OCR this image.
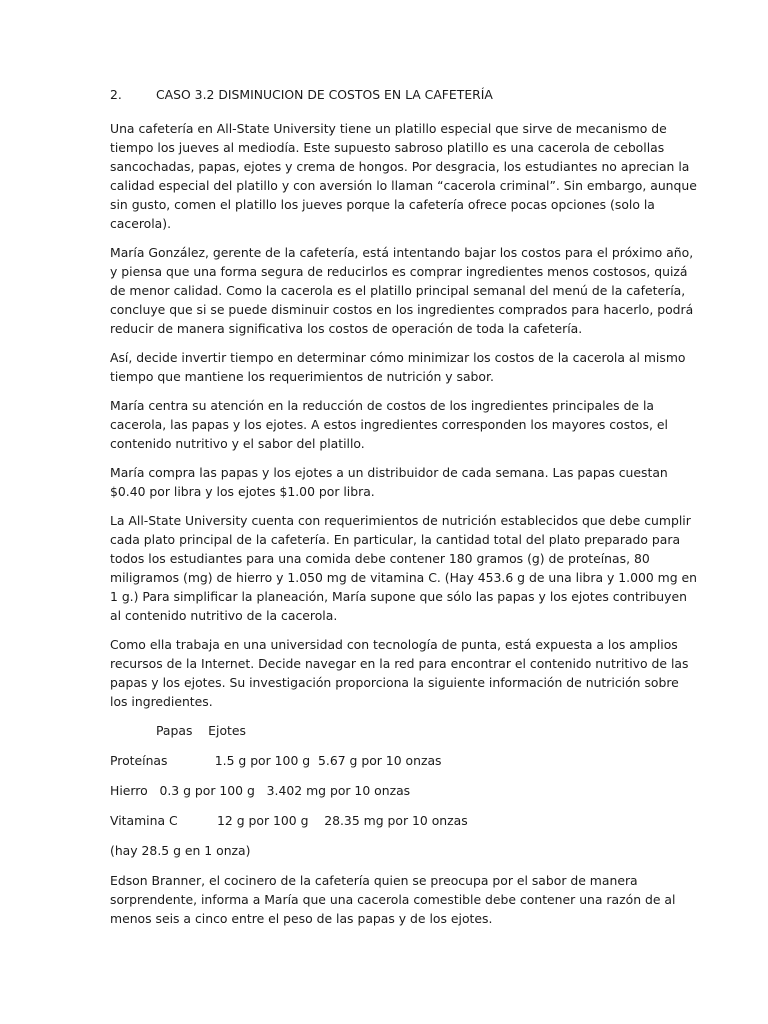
2.	CASO 3.2 DISMINUCION DE COSTOS EN LA CAFETERÍA

Una cafetería en All-State University tiene un platillo especial que sirve de mecanismo de tiempo los jueves al mediodía. Este supuesto sabroso platillo es una cacerola de cebollas sancochadas, papas, ejotes y crema de hongos. Por desgracia, los estudiantes no aprecian la calidad especial del platillo y con aversión lo llaman “cacerola criminal”. Sin embargo, aunque sin gusto, comen el platillo los jueves porque la cafetería ofrece pocas opciones (solo la cacerola).

María González, gerente de la cafetería, está intentando bajar los costos para el próximo año, y piensa que una forma segura de reducirlos es comprar ingredientes menos costosos, quizá de menor calidad. Como la cacerola es el platillo principal semanal del menú de la cafetería, concluye que si se puede disminuir costos en los ingredientes comprados para hacerlo, podrá reducir de manera significativa los costos de operación de toda la cafetería.

Así, decide invertir tiempo en determinar cómo minimizar los costos de la cacerola al mismo tiempo que mantiene los requerimientos de nutrición y sabor.

María centra su atención en la reducción de costos de los ingredientes principales de la cacerola, las papas y los ejotes. A estos ingredientes corresponden los mayores costos, el contenido nutritivo y el sabor del platillo.

María compra las papas y los ejotes a un distribuidor de cada semana. Las papas cuestan $0.40 por libra y los ejotes $1.00 por libra.

La All-State University cuenta con requerimientos de nutrición establecidos que debe cumplir cada plato principal de la cafetería. En particular, la cantidad total del plato preparado para todos los estudiantes para una comida debe contener 180 gramos (g) de proteínas, 80 miligramos (mg) de hierro y 1.050 mg de vitamina C. (Hay 453.6 g de una libra y 1.000 mg en 1 g.) Para simplificar la planeación, María supone que sólo las papas y los ejotes contribuyen al contenido nutritivo de la cacerola.

Como ella trabaja en una universidad con tecnología de punta, está expuesta a los amplios recursos de la Internet. Decide navegar en la red para encontrar el contenido nutritivo de las papas y los ejotes. Su investigación proporciona la siguiente información de nutrición sobre los ingredientes.

Papas    Ejotes
Proteínas            1.5 g por 100 g  5.67 g por 10 onzas
Hierro   0.3 g por 100 g   3.402 mg por 10 onzas
Vitamina C          12 g por 100 g    28.35 mg por 10 onzas
(hay 28.5 g en 1 onza)

Edson Branner, el cocinero de la cafetería quien se preocupa por el sabor de manera sorprendente, informa a María que una cacerola comestible debe contener una razón de al menos seis a cinco entre el peso de las papas y de los ejotes.
